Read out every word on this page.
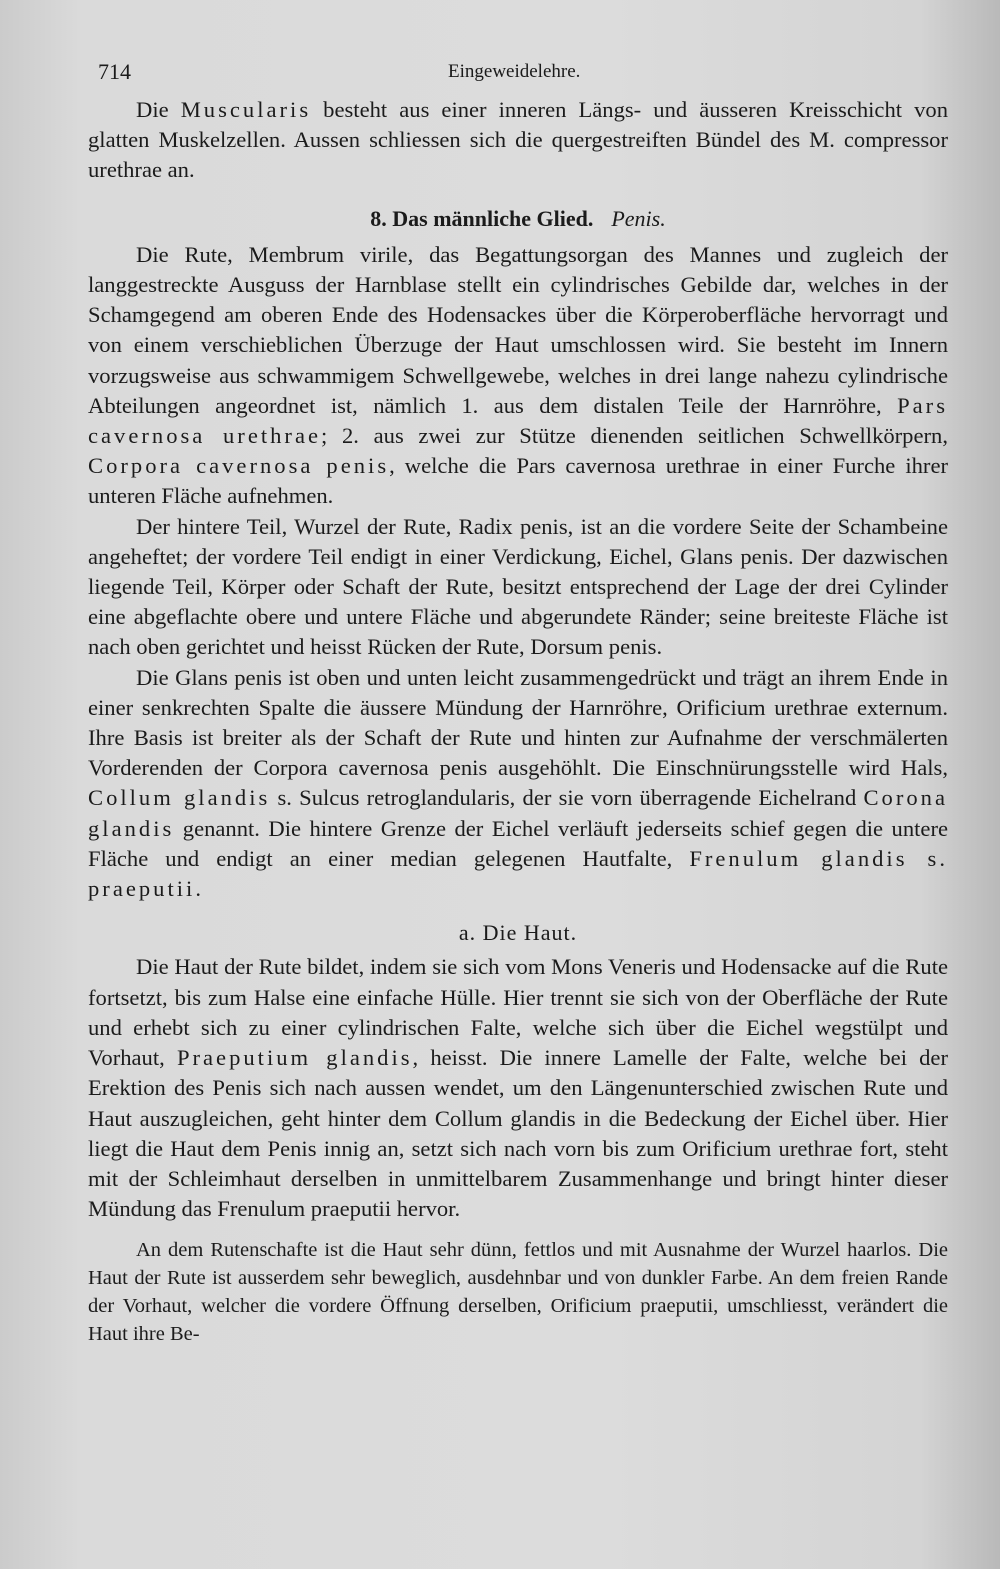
714	Eingeweidelehre.

Die Muscularis besteht aus einer inneren Längs- und äusseren Kreisschicht von glatten Muskelzellen. Aussen schliessen sich die quergestreiften Bündel des M. compressor urethrae an.

8. Das männliche Glied. Penis.

Die Rute, Membrum virile, das Begattungsorgan des Mannes und zugleich der langgestreckte Ausguss der Harnblase stellt ein cylindrisches Gebilde dar, welches in der Schamgegend am oberen Ende des Hodensackes über die Körperoberfläche hervorragt und von einem verschieblichen Überzuge der Haut umschlossen wird. Sie besteht im Innern vorzugsweise aus schwammigem Schwellgewebe, welches in drei lange nahezu cylindrische Abteilungen angeordnet ist, nämlich 1. aus dem distalen Teile der Harnröhre, Pars cavernosa urethrae; 2. aus zwei zur Stütze dienenden seitlichen Schwellkörpern, Corpora cavernosa penis, welche die Pars cavernosa urethrae in einer Furche ihrer unteren Fläche aufnehmen.

Der hintere Teil, Wurzel der Rute, Radix penis, ist an die vordere Seite der Schambeine angeheftet; der vordere Teil endigt in einer Verdickung, Eichel, Glans penis. Der dazwischen liegende Teil, Körper oder Schaft der Rute, besitzt entsprechend der Lage der drei Cylinder eine abgeflachte obere und untere Fläche und abgerundete Ränder; seine breiteste Fläche ist nach oben gerichtet und heisst Rücken der Rute, Dorsum penis.

Die Glans penis ist oben und unten leicht zusammengedrückt und trägt an ihrem Ende in einer senkrechten Spalte die äussere Mündung der Harnröhre, Orificium urethrae externum. Ihre Basis ist breiter als der Schaft der Rute und hinten zur Aufnahme der verschmälerten Vorderenden der Corpora cavernosa penis ausgehöhlt. Die Einschnürungsstelle wird Hals, Collum glandis s. Sulcus retroglandularis, der sie vorn überragende Eichelrand Corona glandis genannt. Die hintere Grenze der Eichel verläuft jederseits schief gegen die untere Fläche und endigt an einer median gelegenen Hautfalte, Frenulum glandis s. praeputii.

a. Die Haut.

Die Haut der Rute bildet, indem sie sich vom Mons Veneris und Hodensacke auf die Rute fortsetzt, bis zum Halse eine einfache Hülle. Hier trennt sie sich von der Oberfläche der Rute und erhebt sich zu einer cylindrischen Falte, welche sich über die Eichel wegstülpt und Vorhaut, Praeputium glandis, heisst. Die innere Lamelle der Falte, welche bei der Erektion des Penis sich nach aussen wendet, um den Längenunterschied zwischen Rute und Haut auszugleichen, geht hinter dem Collum glandis in die Bedeckung der Eichel über. Hier liegt die Haut dem Penis innig an, setzt sich nach vorn bis zum Orificium urethrae fort, steht mit der Schleimhaut derselben in unmittelbarem Zusammenhange und bringt hinter dieser Mündung das Frenulum praeputii hervor.

An dem Rutenschafte ist die Haut sehr dünn, fettlos und mit Ausnahme der Wurzel haarlos. Die Haut der Rute ist ausserdem sehr beweglich, ausdehnbar und von dunkler Farbe. An dem freien Rande der Vorhaut, welcher die vordere Öffnung derselben, Orificium praeputii, umschliesst, verändert die Haut ihre Be-
